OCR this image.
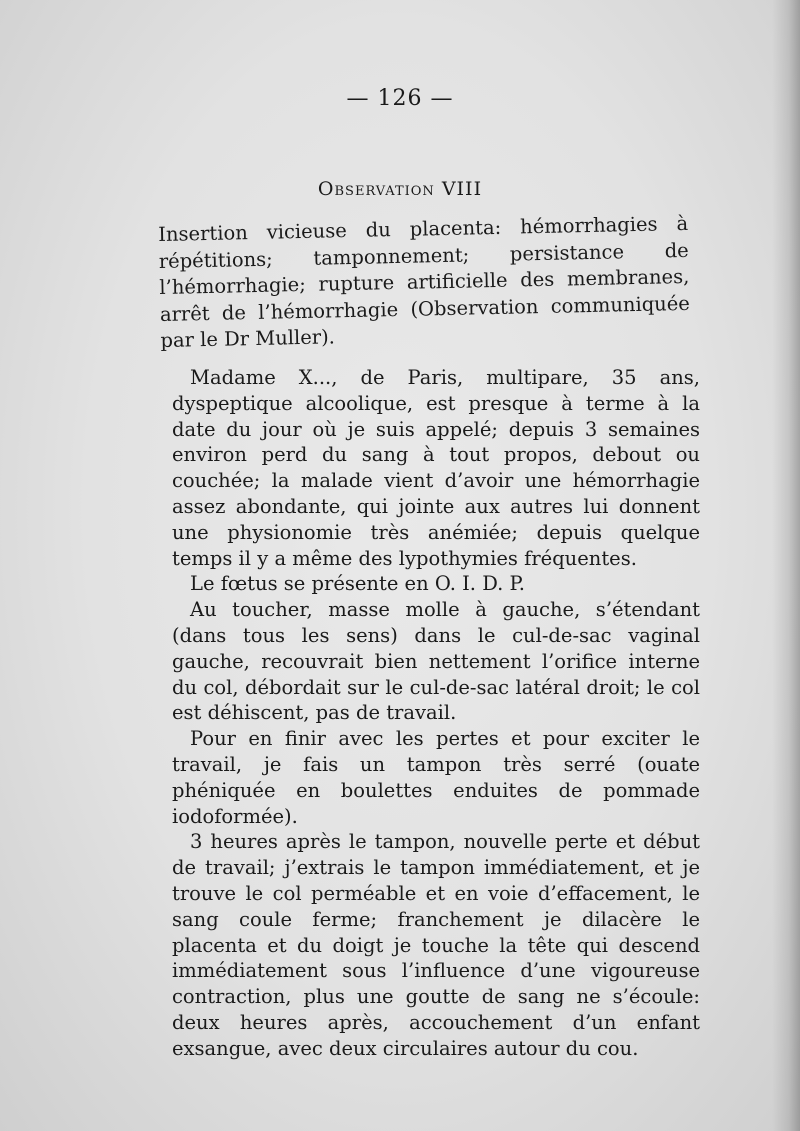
— 126 —
Observation VIII

Insertion vicieuse du placenta: hémorrhagies à répétitions; tamponnement; persistance de l’hémorrhagie; rupture artificielle des membranes, arrêt de l’hémorrhagie (Observation communiquée par le Dr Muller).

Madame X..., de Paris, multipare, 35 ans, dyspeptique alcoolique, est presque à terme à la date du jour où je suis appelé; depuis 3 semaines environ perd du sang à tout propos, debout ou couchée; la malade vient d’avoir une hémorrhagie assez abondante, qui jointe aux autres lui donnent une physionomie très anémiée; depuis quelque temps il y a même des lypothymies fréquentes.

Le fœtus se présente en O. I. D. P.

Au toucher, masse molle à gauche, s’étendant (dans tous les sens) dans le cul-de-sac vaginal gauche, recouvrait bien nettement l’orifice interne du col, débordait sur le cul-de-sac latéral droit; le col est déhiscent, pas de travail.

Pour en finir avec les pertes et pour exciter le travail, je fais un tampon très serré (ouate phéniquée en boulettes enduites de pommade iodoformée).

3 heures après le tampon, nouvelle perte et début de travail; j’extrais le tampon immédiatement, et je trouve le col perméable et en voie d’effacement, le sang coule ferme; franchement je dilacère le placenta et du doigt je touche la tête qui descend immédiatement sous l’influence d’une vigoureuse contraction, plus une goutte de sang ne s’écoule: deux heures après, accouchement d’un enfant exsangue, avec deux circulaires autour du cou.
